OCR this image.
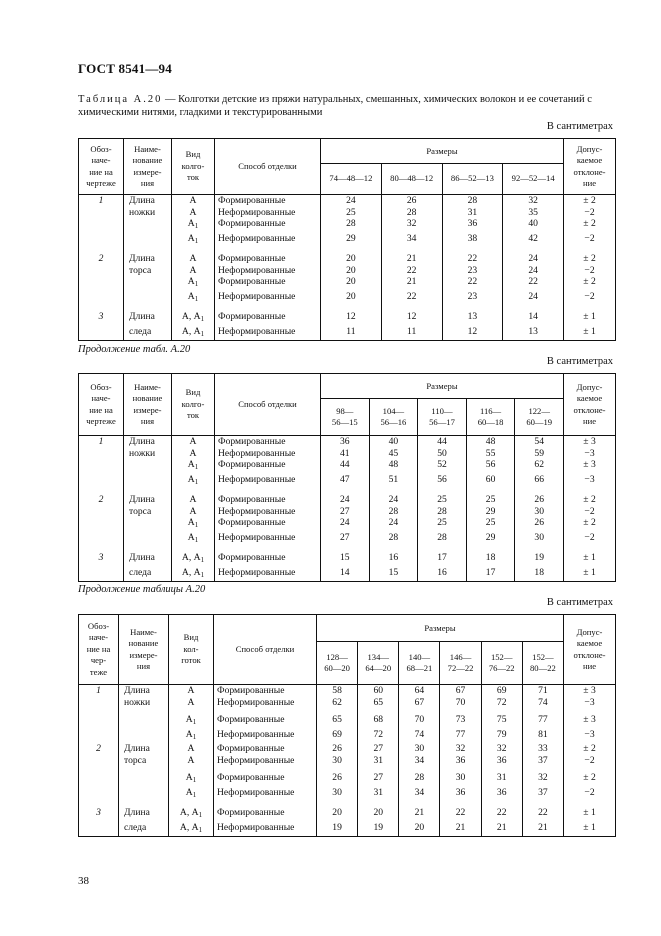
ГОСТ 8541—94
Таблица А.20 — Колготки детские из пряжи натуральных, смешанных, химических волокон и ее сочетаний с химическими нитями, гладкими и текстурированными
В сантиметрах
Обоз-
наче-
ние на
чертеже	Наиме-
нование
измере-
ния	Вид
колго-
ток	Способ отделки	Размеры				Допус-
каемое
отклоне-
ние

				74—48—12	80—48—12	86—52—13	92—52—14	

1	Длина	А	Формированные	24	26	28	32	± 2
	ножки	А	Неформированные	25	28	31	35	−2
		$А_1$	Формированные	28	32	36	40	± 2
		$А_1$	Неформированные	29	34	38	42	−2

2	Длина	А	Формированные	20	21	22	24	± 2
	торса	А	Неформированные	20	22	23	24	−2
		$А_1$	Формированные	20	21	22	22	± 2
		$А_1$	Неформированные	20	22	23	24	−2

3	Длина	А, $А_1$	Формированные	12	12	13	14	± 1
	следа	А, $А_1$	Неформированные	11	11	12	13	± 1
Продолжение табл. А.20
В сантиметрах
Обоз-
наче-
ние на
чертеже	Наиме-
нование
измере-
ния	Вид
колго-
ток	Способ отделки	Размеры					Допус-
каемое
отклоне-
ние

				98—
56—15	104—
56—16	110—
56—17	116—
60—18	122—
60—19	

1	Длина	А	Формированные	36	40	44	48	54	± 3
	ножки	А	Неформированные	41	45	50	55	59	−3
		$А_1$	Формированные	44	48	52	56	62	± 3
		$А_1$	Неформированные	47	51	56	60	66	−3

2	Длина	А	Формированные	24	24	25	25	26	± 2
	торса	А	Неформированные	27	28	28	29	30	−2
		$А_1$	Формированные	24	24	25	25	26	± 2
		$А_1$	Неформированные	27	28	28	29	30	−2

3	Длина	А, $А_1$	Формированные	15	16	17	18	19	± 1
	следа	А, $А_1$	Неформированные	14	15	16	17	18	± 1
Продолжение таблицы А.20
В сантиметрах
Обоз-
наче-
ние на
чер-
теже	Наиме-
нование
измере-
ния	Вид
кол-
готок	Способ отделки	Размеры						Допус-
каемое
отклоне-
ние

				128—
60—20	134—
64—20	140—
68—21	146—
72—22	152—
76—22	152—
80—22	

1	Длина	А	Формированные	58	60	64	67	69	71	± 3
	ножки	А	Неформированные	62	65	67	70	72	74	−3

		$А_1$	Формированные	65	68	70	73	75	77	± 3
		$А_1$	Неформированные	69	72	74	77	79	81	−3
2	Длина	А	Формированные	26	27	30	32	32	33	± 2
	торса	А	Неформированные	30	31	34	36	36	37	−2

		$А_1$	Формированные	26	27	28	30	31	32	± 2
		$А_1$	Неформированные	30	31	34	36	36	37	−2

3	Длина	А, $А_1$	Формированные	20	20	21	22	22	22	± 1
	следа	А, $А_1$	Неформированные	19	19	20	21	21	21	± 1
38
